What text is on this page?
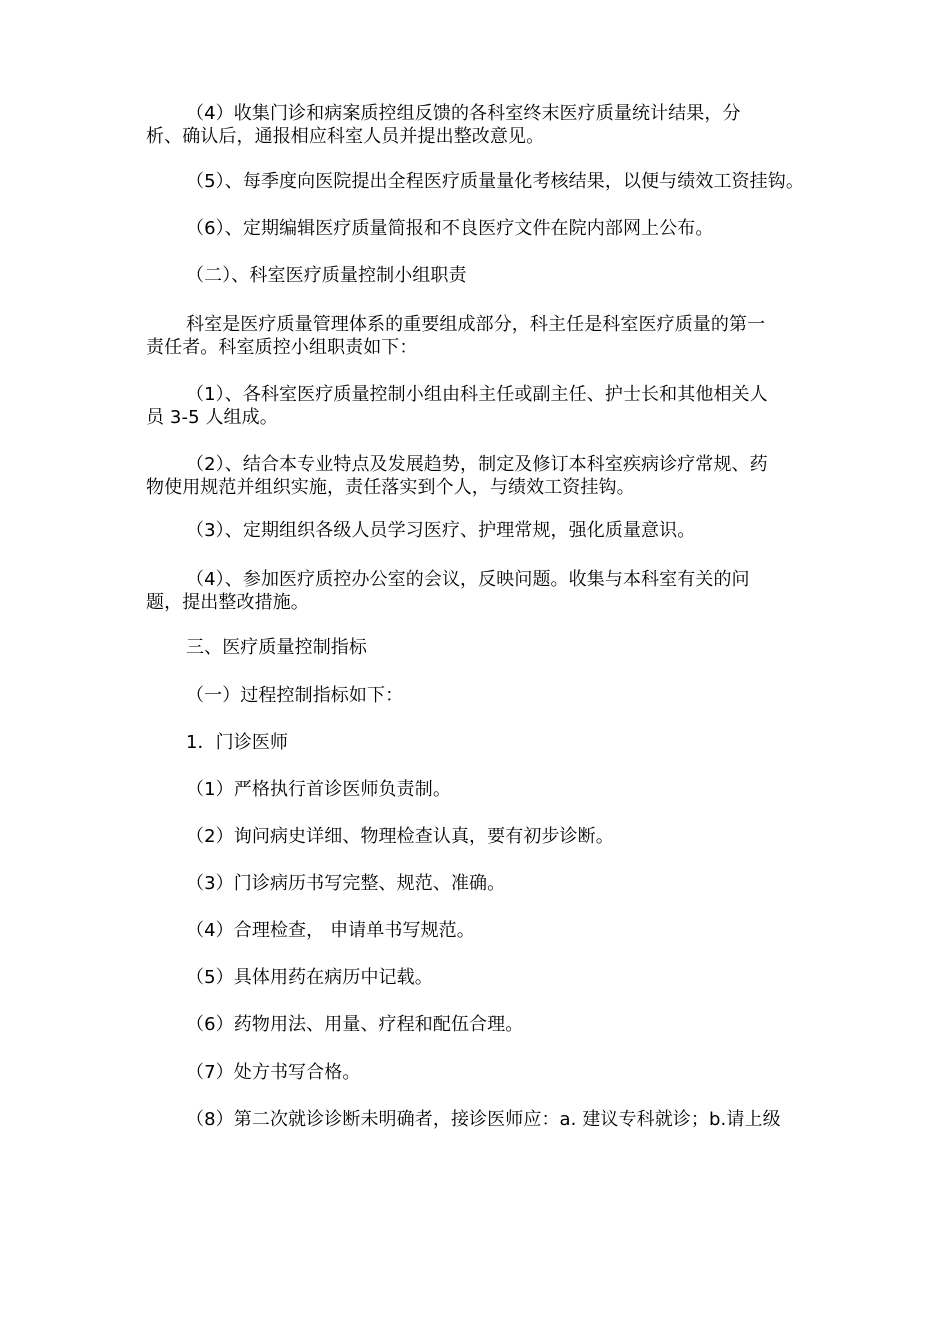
（4）收集门诊和病案质控组反馈的各科室终末医疗质量统计结果，分
析、确认后，通报相应科室人员并提出整改意见。
（5）、每季度向医院提出全程医疗质量量化考核结果，以便与绩效工资挂钩。
（6）、定期编辑医疗质量简报和不良医疗文件在院内部网上公布。
（二）、科室医疗质量控制小组职责
科室是医疗质量管理体系的重要组成部分，科主任是科室医疗质量的第一
责任者。科室质控小组职责如下：
（1）、各科室医疗质量控制小组由科主任或副主任、护士长和其他相关人
员 3-5 人组成。
（2）、结合本专业特点及发展趋势，制定及修订本科室疾病诊疗常规、药
物使用规范并组织实施，责任落实到个人，与绩效工资挂钩。
（3）、定期组织各级人员学习医疗、护理常规，强化质量意识。
（4）、参加医疗质控办公室的会议，反映问题。收集与本科室有关的问
题，提出整改措施。
三、医疗质量控制指标
（一）过程控制指标如下：
1．门诊医师
（1）严格执行首诊医师负责制。
（2）询问病史详细、物理检查认真，要有初步诊断。
（3）门诊病历书写完整、规范、准确。
（4）合理检查， 申请单书写规范。
（5）具体用药在病历中记载。
（6）药物用法、用量、疗程和配伍合理。
（7）处方书写合格。
（8）第二次就诊诊断未明确者，接诊医师应：a. 建议专科就诊；b.请上级
